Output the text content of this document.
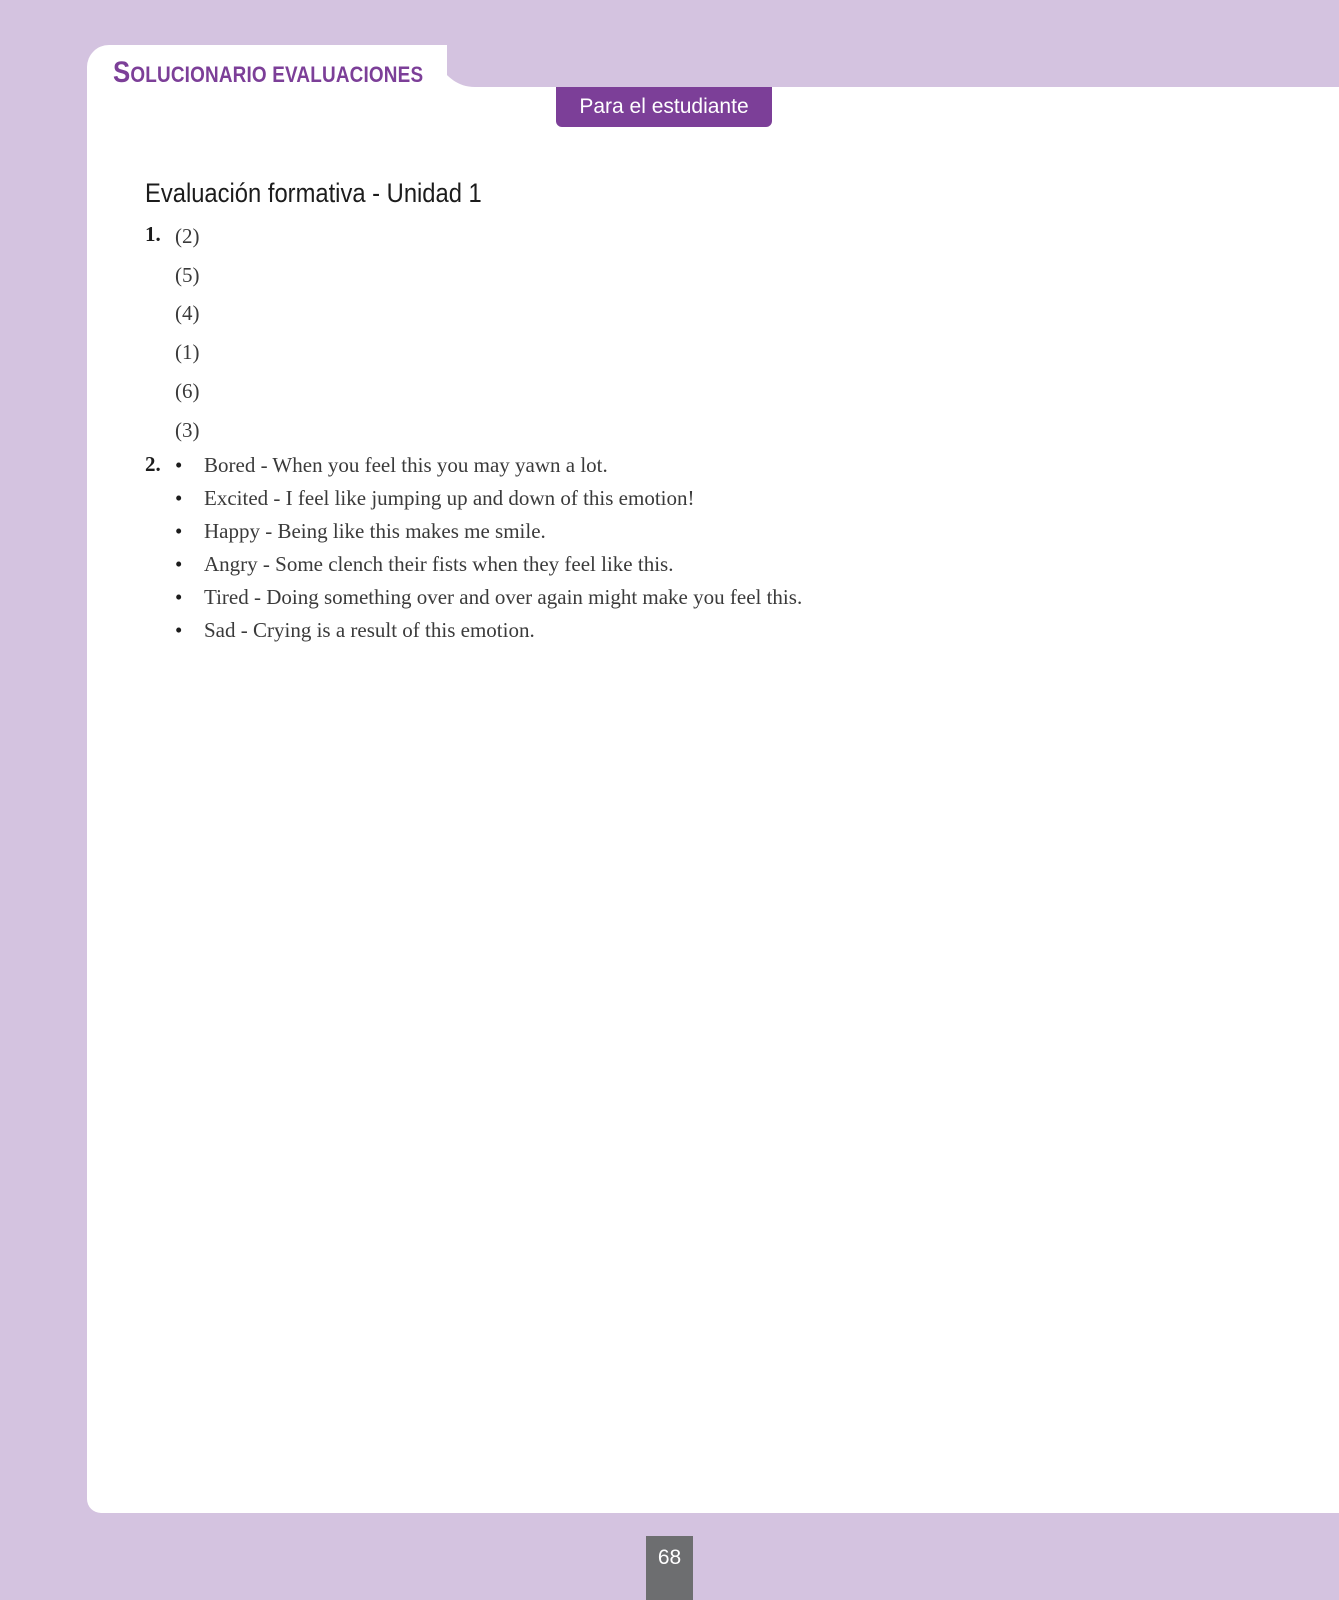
SOLUCIONARIO EVALUACIONES
Para el estudiante
Evaluación formativa - Unidad 1
1. (2)

(5)

(4)

(1)

(6)

(3)

2. • Bored - When you feel this you may yawn a lot.
• Excited - I feel like jumping up and down of this emotion!
• Happy - Being like this makes me smile.
• Angry - Some clench their fists when they feel like this.
• Tired - Doing something over and over again might make you feel this.
• Sad - Crying is a result of this emotion.
68
